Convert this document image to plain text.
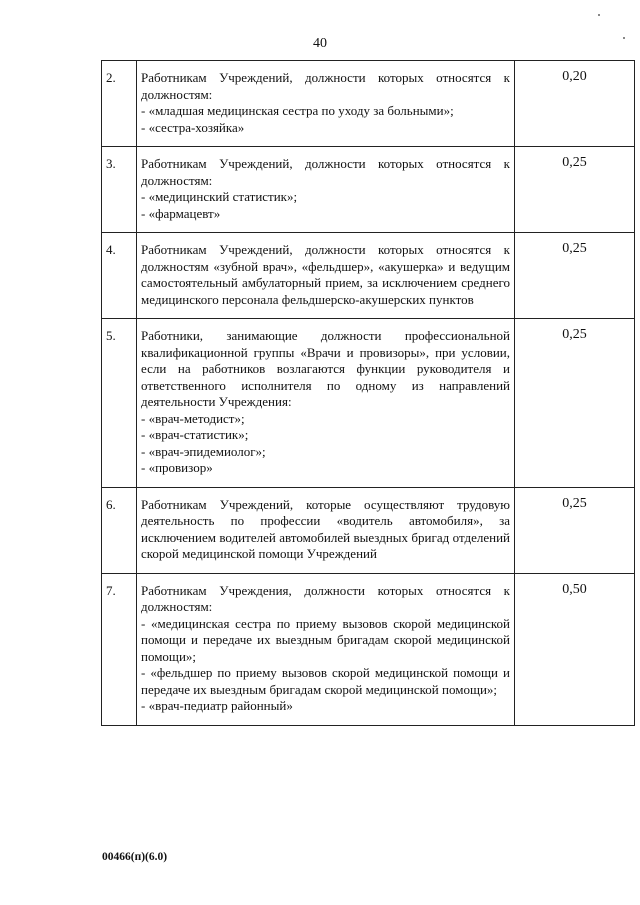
40
2.	Работникам Учреждений, должности которых относятся к должностям:
- «младшая медицинская сестра по уходу за больными»;
- «сестра-хозяйка»	0,20
3.	Работникам Учреждений, должности которых относятся к должностям:
- «медицинский статистик»;
- «фармацевт»	0,25
4.	Работникам Учреждений, должности которых относятся к должностям «зубной врач», «фельдшер», «акушерка» и ведущим самостоятельный амбулаторный прием, за исключением среднего медицинского персонала фельдшерско-акушерских пунктов	0,25
5.	Работники, занимающие должности профессиональной квалификационной группы «Врачи и провизоры», при условии, если на работников возлагаются функции руководителя и ответственного исполнителя по одному из направлений деятельности Учреждения:
- «врач-методист»;
- «врач-статистик»;
- «врач-эпидемиолог»;
- «провизор»	0,25
6.	Работникам Учреждений, которые осуществляют трудовую деятельность по профессии «водитель автомобиля», за исключением водителей автомобилей выездных бригад отделений скорой медицинской помощи Учреждений	0,25
7.	Работникам Учреждения, должности которых относятся к должностям:
- «медицинская сестра по приему вызовов скорой медицинской помощи и передаче их выездным бригадам скорой медицинской помощи»;
- «фельдшер по приему вызовов скорой медицинской помощи и передаче их выездным бригадам скорой медицинской помощи»;
- «врач-педиатр районный»	0,50
00466(п)(6.0)
